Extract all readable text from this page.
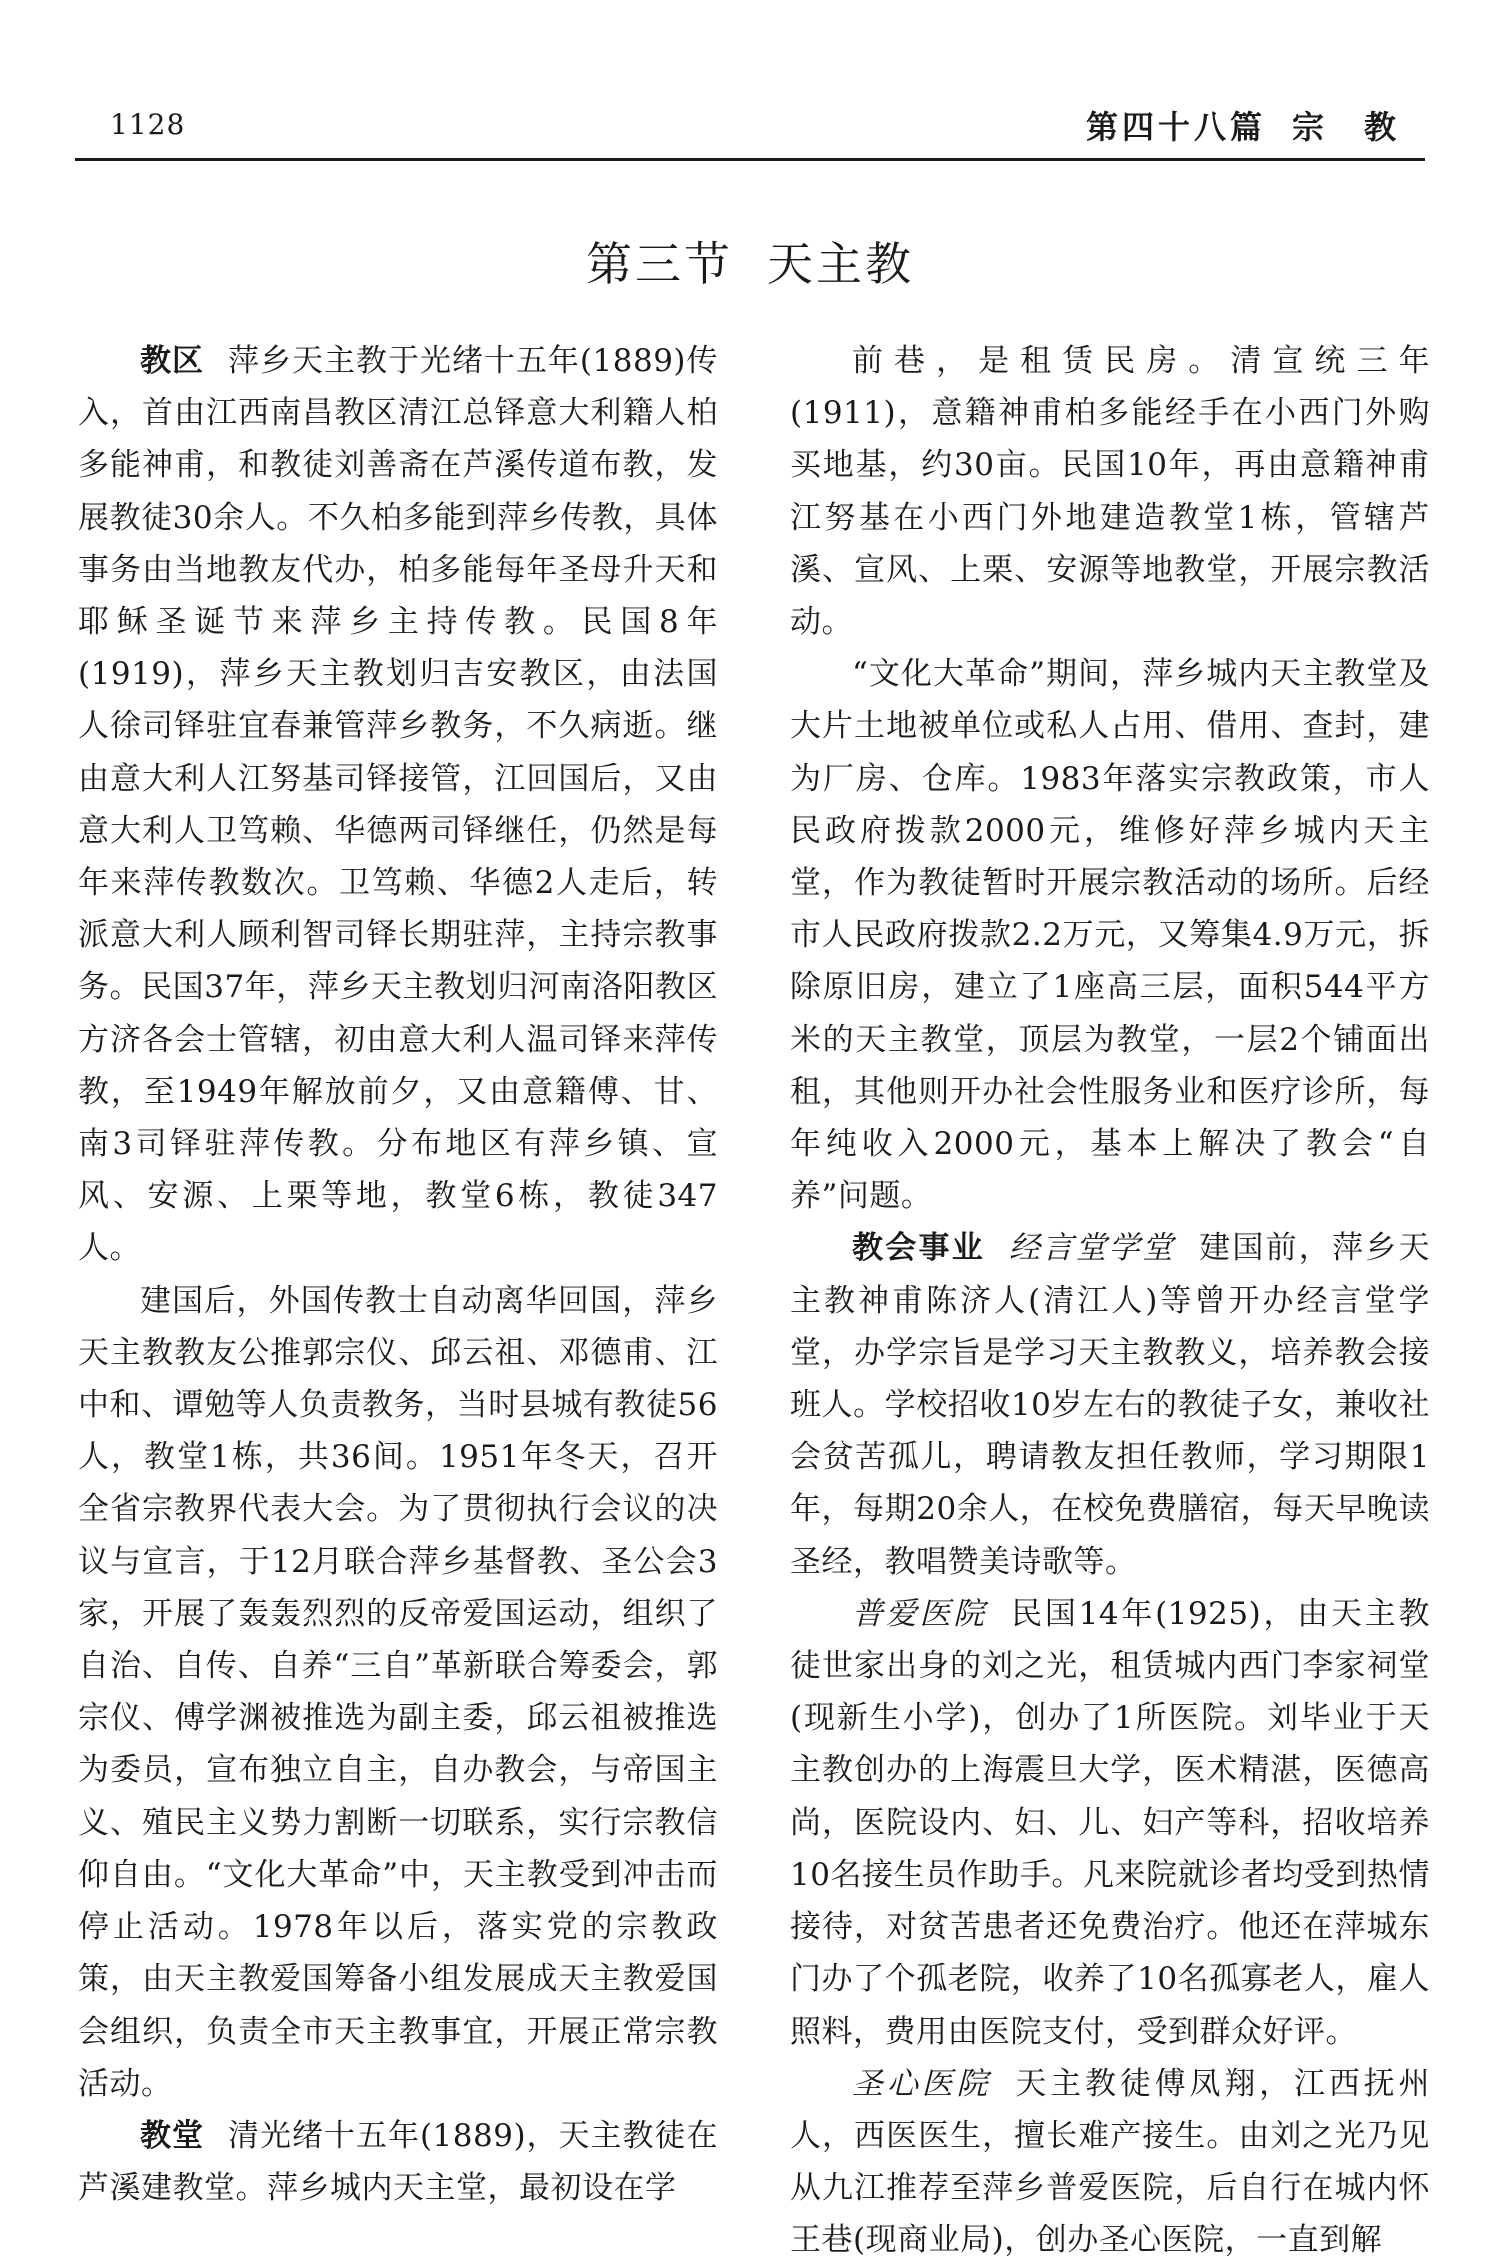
1128	第四十八篇 宗　教
第三节 天主教

教区 萍乡天主教于光绪十五年(1889)传入，首由江西南昌教区清江总铎意大利籍人柏多能神甫，和教徒刘善斋在芦溪传道布教，发展教徒30余人。不久柏多能到萍乡传教，具体事务由当地教友代办，柏多能每年圣母升天和耶稣圣诞节来萍乡主持传教。民国8年(1919)，萍乡天主教划归吉安教区，由法国人徐司铎驻宜春兼管萍乡教务，不久病逝。继由意大利人江努基司铎接管，江回国后，又由意大利人卫笃赖、华德两司铎继任，仍然是每年来萍传教数次。卫笃赖、华德2人走后，转派意大利人顾利智司铎长期驻萍，主持宗教事务。民国37年，萍乡天主教划归河南洛阳教区方济各会士管辖，初由意大利人温司铎来萍传教，至1949年解放前夕，又由意籍傅、甘、南3司铎驻萍传教。分布地区有萍乡镇、宣风、安源、上栗等地，教堂6栋，教徒347人。

建国后，外国传教士自动离华回国，萍乡天主教教友公推郭宗仪、邱云祖、邓德甫、江中和、谭勉等人负责教务，当时县城有教徒56人，教堂1栋，共36间。1951年冬天，召开全省宗教界代表大会。为了贯彻执行会议的决议与宣言，于12月联合萍乡基督教、圣公会3家，开展了轰轰烈烈的反帝爱国运动，组织了自治、自传、自养“三自”革新联合筹委会，郭宗仪、傅学渊被推选为副主委，邱云祖被推选为委员，宣布独立自主，自办教会，与帝国主义、殖民主义势力割断一切联系，实行宗教信仰自由。“文化大革命”中，天主教受到冲击而停止活动。1978年以后，落实党的宗教政策，由天主教爱国筹备小组发展成天主教爱国会组织，负责全市天主教事宜，开展正常宗教活动。

教堂 清光绪十五年(1889)，天主教徒在芦溪建教堂。萍乡城内天主堂，最初设在学

前巷，是租赁民房。清宣统三年(1911)，意籍神甫柏多能经手在小西门外购买地基，约30亩。民国10年，再由意籍神甫江努基在小西门外地建造教堂1栋，管辖芦溪、宣风、上栗、安源等地教堂，开展宗教活动。

“文化大革命”期间，萍乡城内天主教堂及大片土地被单位或私人占用、借用、查封，建为厂房、仓库。1983年落实宗教政策，市人民政府拨款2000元，维修好萍乡城内天主堂，作为教徒暂时开展宗教活动的场所。后经市人民政府拨款2.2万元，又筹集4.9万元，拆除原旧房，建立了1座高三层，面积544平方米的天主教堂，顶层为教堂，一层2个铺面出租，其他则开办社会性服务业和医疗诊所，每年纯收入2000元，基本上解决了教会“自养”问题。

教会事业 经言堂学堂 建国前，萍乡天主教神甫陈济人(清江人)等曾开办经言堂学堂，办学宗旨是学习天主教教义，培养教会接班人。学校招收10岁左右的教徒子女，兼收社会贫苦孤儿，聘请教友担任教师，学习期限1年，每期20余人，在校免费膳宿，每天早晚读圣经，教唱赞美诗歌等。

普爱医院 民国14年(1925)，由天主教徒世家出身的刘之光，租赁城内西门李家祠堂(现新生小学)，创办了1所医院。刘毕业于天主教创办的上海震旦大学，医术精湛，医德高尚，医院设内、妇、儿、妇产等科，招收培养10名接生员作助手。凡来院就诊者均受到热情接待，对贫苦患者还免费治疗。他还在萍城东门办了个孤老院，收养了10名孤寡老人，雇人照料，费用由医院支付，受到群众好评。

圣心医院 天主教徒傅凤翔，江西抚州人，西医医生，擅长难产接生。由刘之光乃见从九江推荐至萍乡普爱医院，后自行在城内怀王巷(现商业局)，创办圣心医院，一直到解
